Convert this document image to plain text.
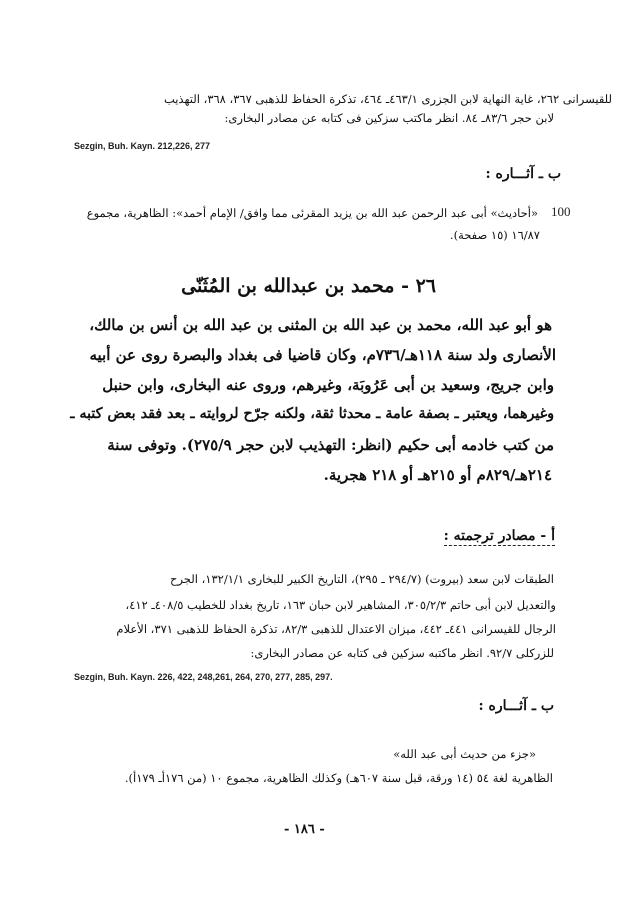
للقيسرانى ٢٦٢، غاية النهاية لابن الجزرى ٤٦٣/١ـ ٤٦٤، تذكرة الحفاظ للذهبى ٣٦٧، ٣٦٨، التهذيب
لابن حجر ٨٣/٦ـ ٨٤. انظر ماكتب سزكين فى كتابه عن مصادر البخارى:
Sezgin, Buh. Kayn. 212,226, 277
ب ـ آثـــاره :
100
«أحاديث» أبى عبد الرحمن عبد الله بن يزيد المقرئى مما وافق/ الإمام أحمد»: الظاهرية، مجموع
١٦/٨٧ (١٥ صفحة).
٢٦ - محمد بن عبدالله بن المُثَنّى
هو أبو عبد الله، محمد بن عبد الله بن المثنى بن عبد الله بن أنس بن مالك،
الأنصارى ولد سنة ١١٨هـ/٧٣٦م، وكان قاضيا فى بغداد والبصرة روى عن أبيه
وابن جريج، وسعيد بن أبى عَرُوبَة، وغيرهم، وروى عنه البخارى، وابن حنبل
وغيرهما، ويعتبر ـ بصفة عامة ـ محدثا ثقة، ولكنه جرّح لروايته ـ بعد فقد بعض كتبه ـ
من كتب خادمه أبى حكيم (انظر: التهذيب لابن حجر ٢٧٥/٩). وتوفى سنة
٢١٤هـ/٨٢٩م أو ٢١٥هـ أو ٢١٨ هجرية.
أ - مصادر ترجمته :
الطبقات لابن سعد (بيروت) (٢٩٤/٧ ـ ٢٩٥)، التاريخ الكبير للبخارى ١٣٢/١/١، الجرح
والتعديل لابن أبى حاتم ٣٠٥/٢/٣، المشاهير لابن حبان ١٦٣، تاريخ بغداد للخطيب ٤٠٨/٥ـ ٤١٢،
الرجال للقيسرانى ٤٤١ـ ٤٤٢، ميزان الاعتدال للذهبى ٨٢/٣، تذكرة الحفاظ للذهبى ٣٧١، الأعلام
للزركلى ٩٢/٧. انظر ماكتبه سزكين فى كتابه عن مصادر البخارى:
Sezgin, Buh. Kayn. 226, 422, 248,261, 264, 270, 277, 285, 297.
ب ـ آثـــاره :
«جزء من حديث أبى عبد الله»
الظاهرية لغة ٥٤ (١٤ ورقة، قبل سنة ٦٠٧هـ) وكذلك الظاهرية، مجموع ١٠ (من ١٧٦أـ ١٧٩أ).
- ١٨٦ -
